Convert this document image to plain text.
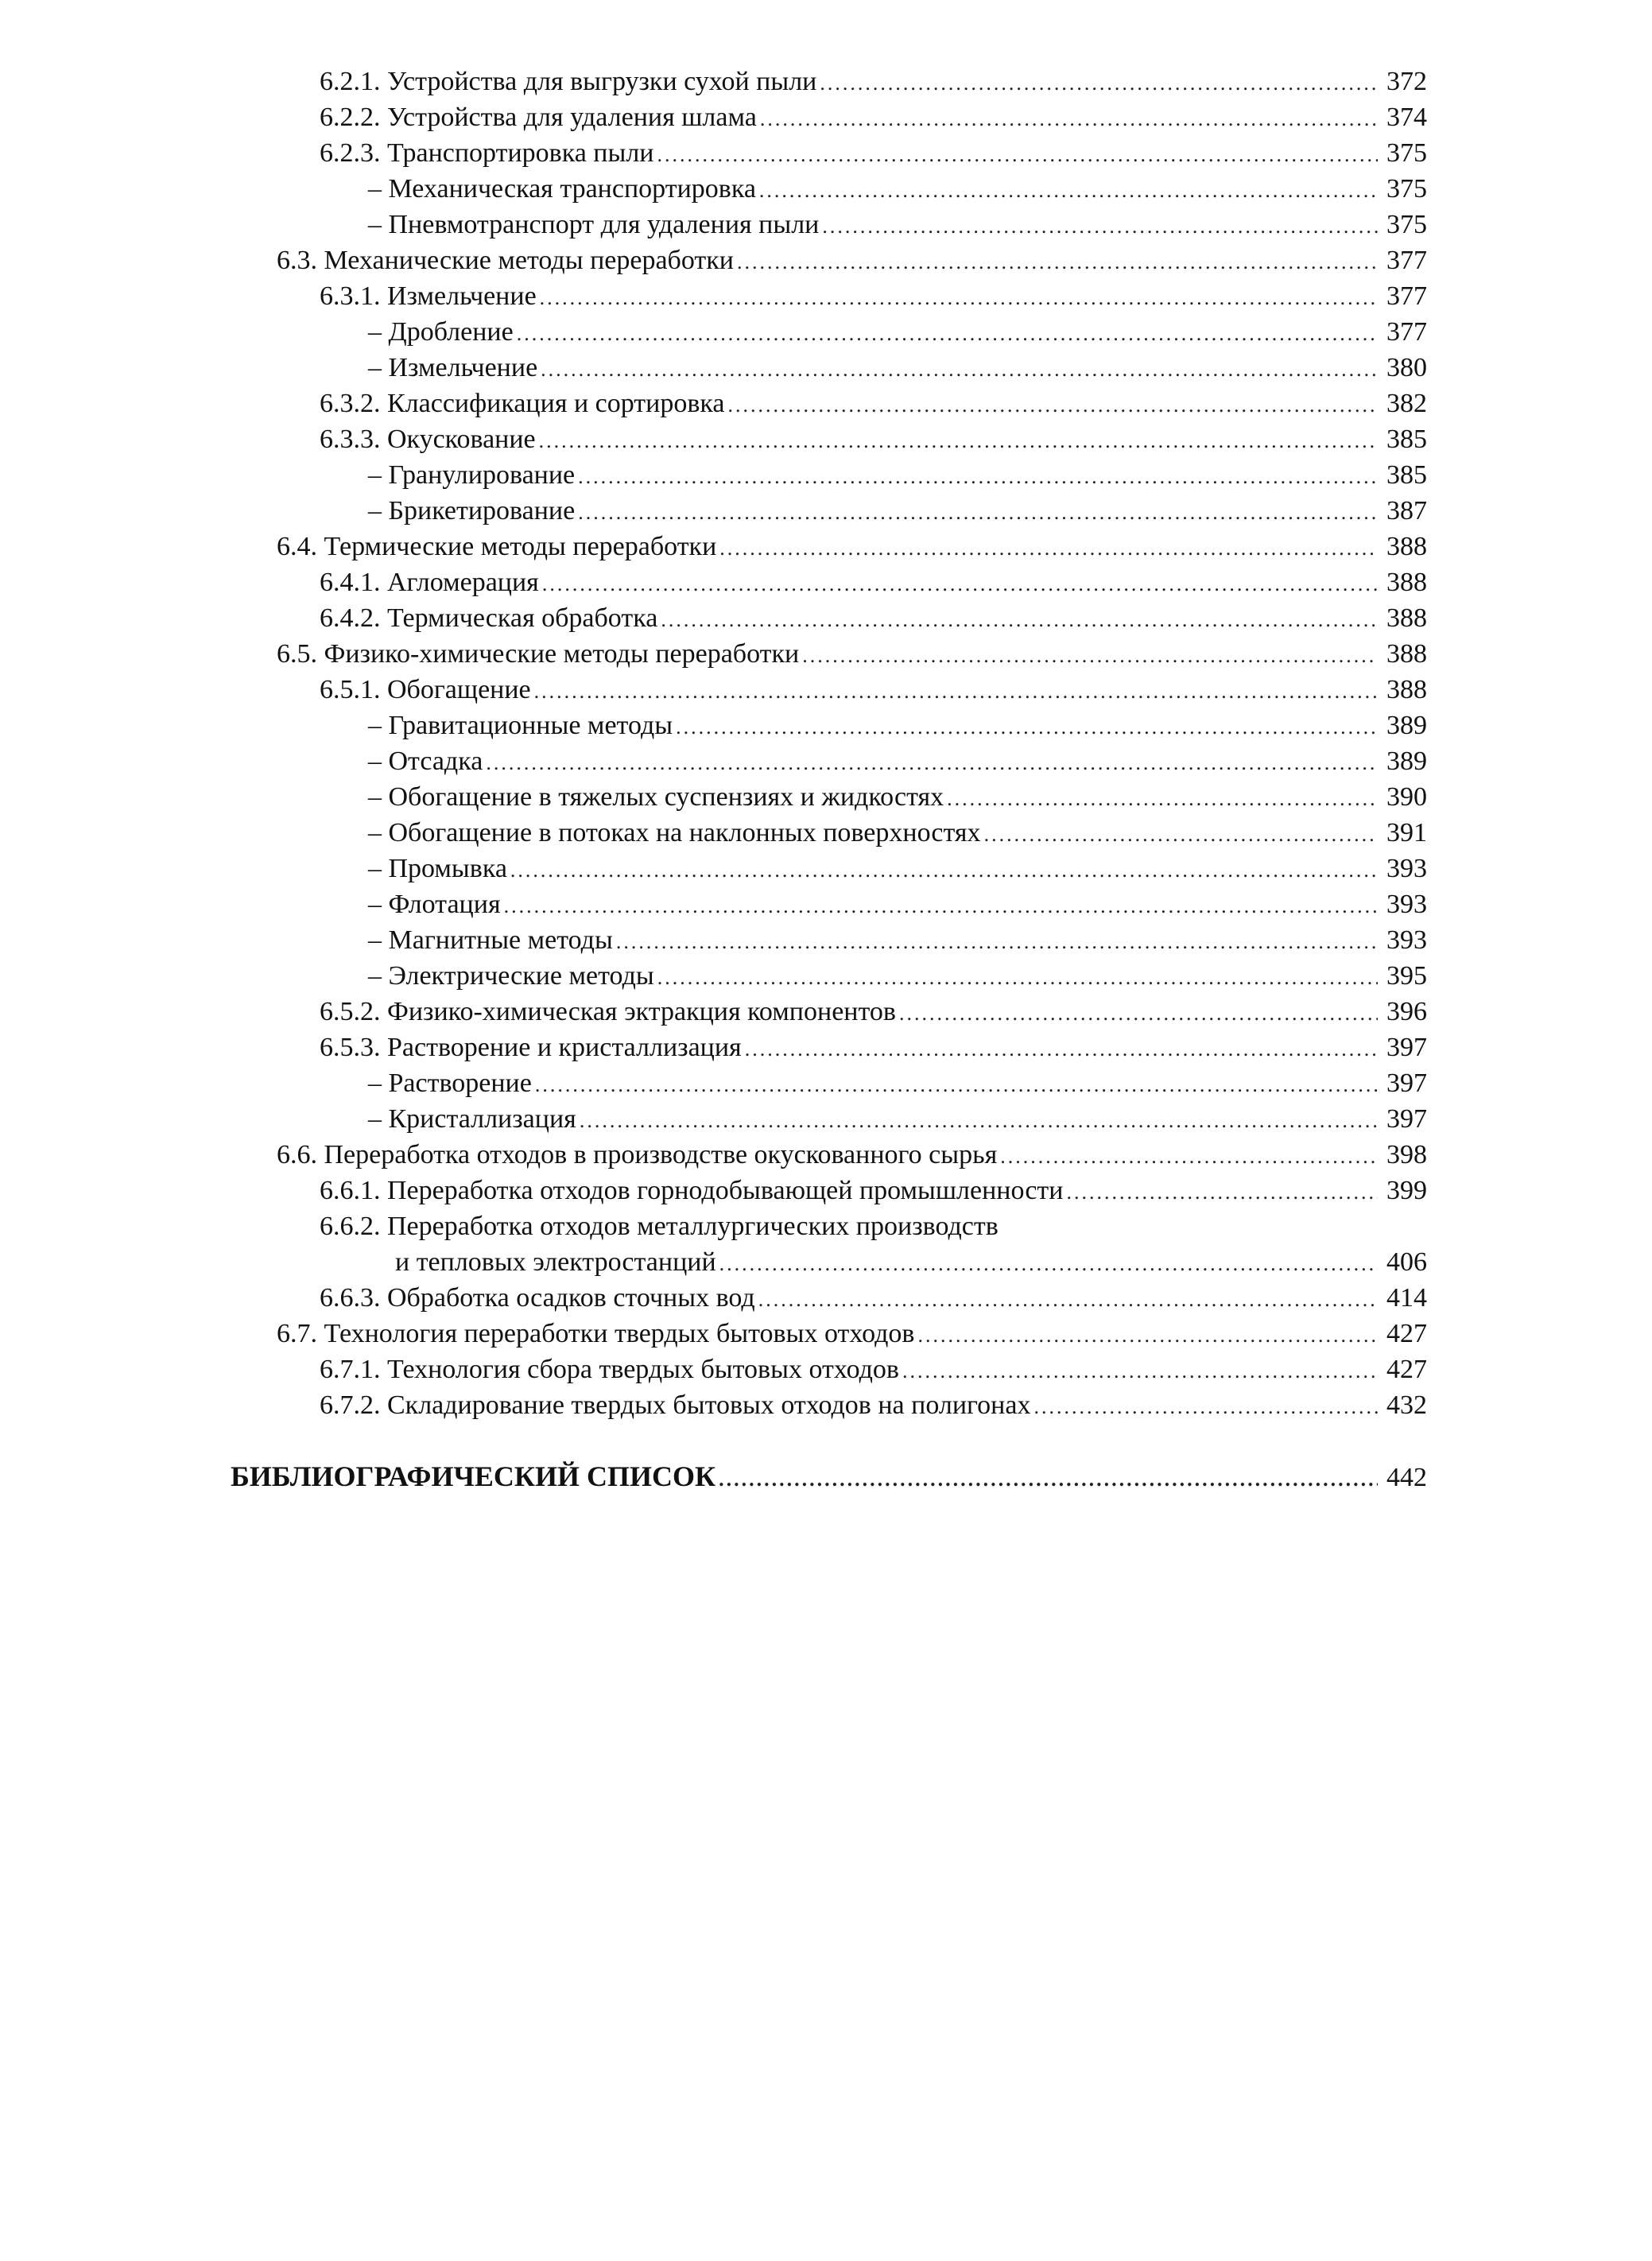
6.2.1. Устройства для выгрузки сухой пыли .....	372
6.2.2. Устройства для удаления шлама .....	374
6.2.3. Транспортировка пыли .....	375
– Механическая транспортировка .....	375
– Пневмотранспорт для удаления пыли .....	375
6.3. Механические методы переработки .....	377
6.3.1. Измельчение .....	377
– Дробление .....	377
– Измельчение .....	380
6.3.2. Классификация и сортировка .....	382
6.3.3. Окускование .....	385
– Гранулирование .....	385
– Брикетирование .....	387
6.4. Термические методы переработки .....	388
6.4.1. Агломерация .....	388
6.4.2. Термическая обработка .....	388
6.5. Физико-химические методы переработки .....	388
6.5.1. Обогащение .....	388
– Гравитационные методы .....	389
– Отсадка .....	389
– Обогащение в тяжелых суспензиях и жидкостях .....	390
– Обогащение в потоках на наклонных поверхностях .....	391
– Промывка .....	393
– Флотация .....	393
– Магнитные методы .....	393
– Электрические методы .....	395
6.5.2. Физико-химическая эктракция компонентов .....	396
6.5.3. Растворение и кристаллизация .....	397
– Растворение .....	397
– Кристаллизация .....	397
6.6. Переработка отходов в производстве окускованного сырья .....	398
6.6.1. Переработка отходов горнодобывающей промышленности .....	399
6.6.2. Переработка отходов металлургических производств
и тепловых электростанций .....	406
6.6.3. Обработка осадков сточных вод .....	414
6.7. Технология переработки твердых бытовых отходов .....	427
6.7.1. Технология сбора твердых бытовых отходов .....	427
6.7.2. Складирование твердых бытовых отходов на полигонах .....	432
БИБЛИОГРАФИЧЕСКИЙ СПИСОК .....	442
